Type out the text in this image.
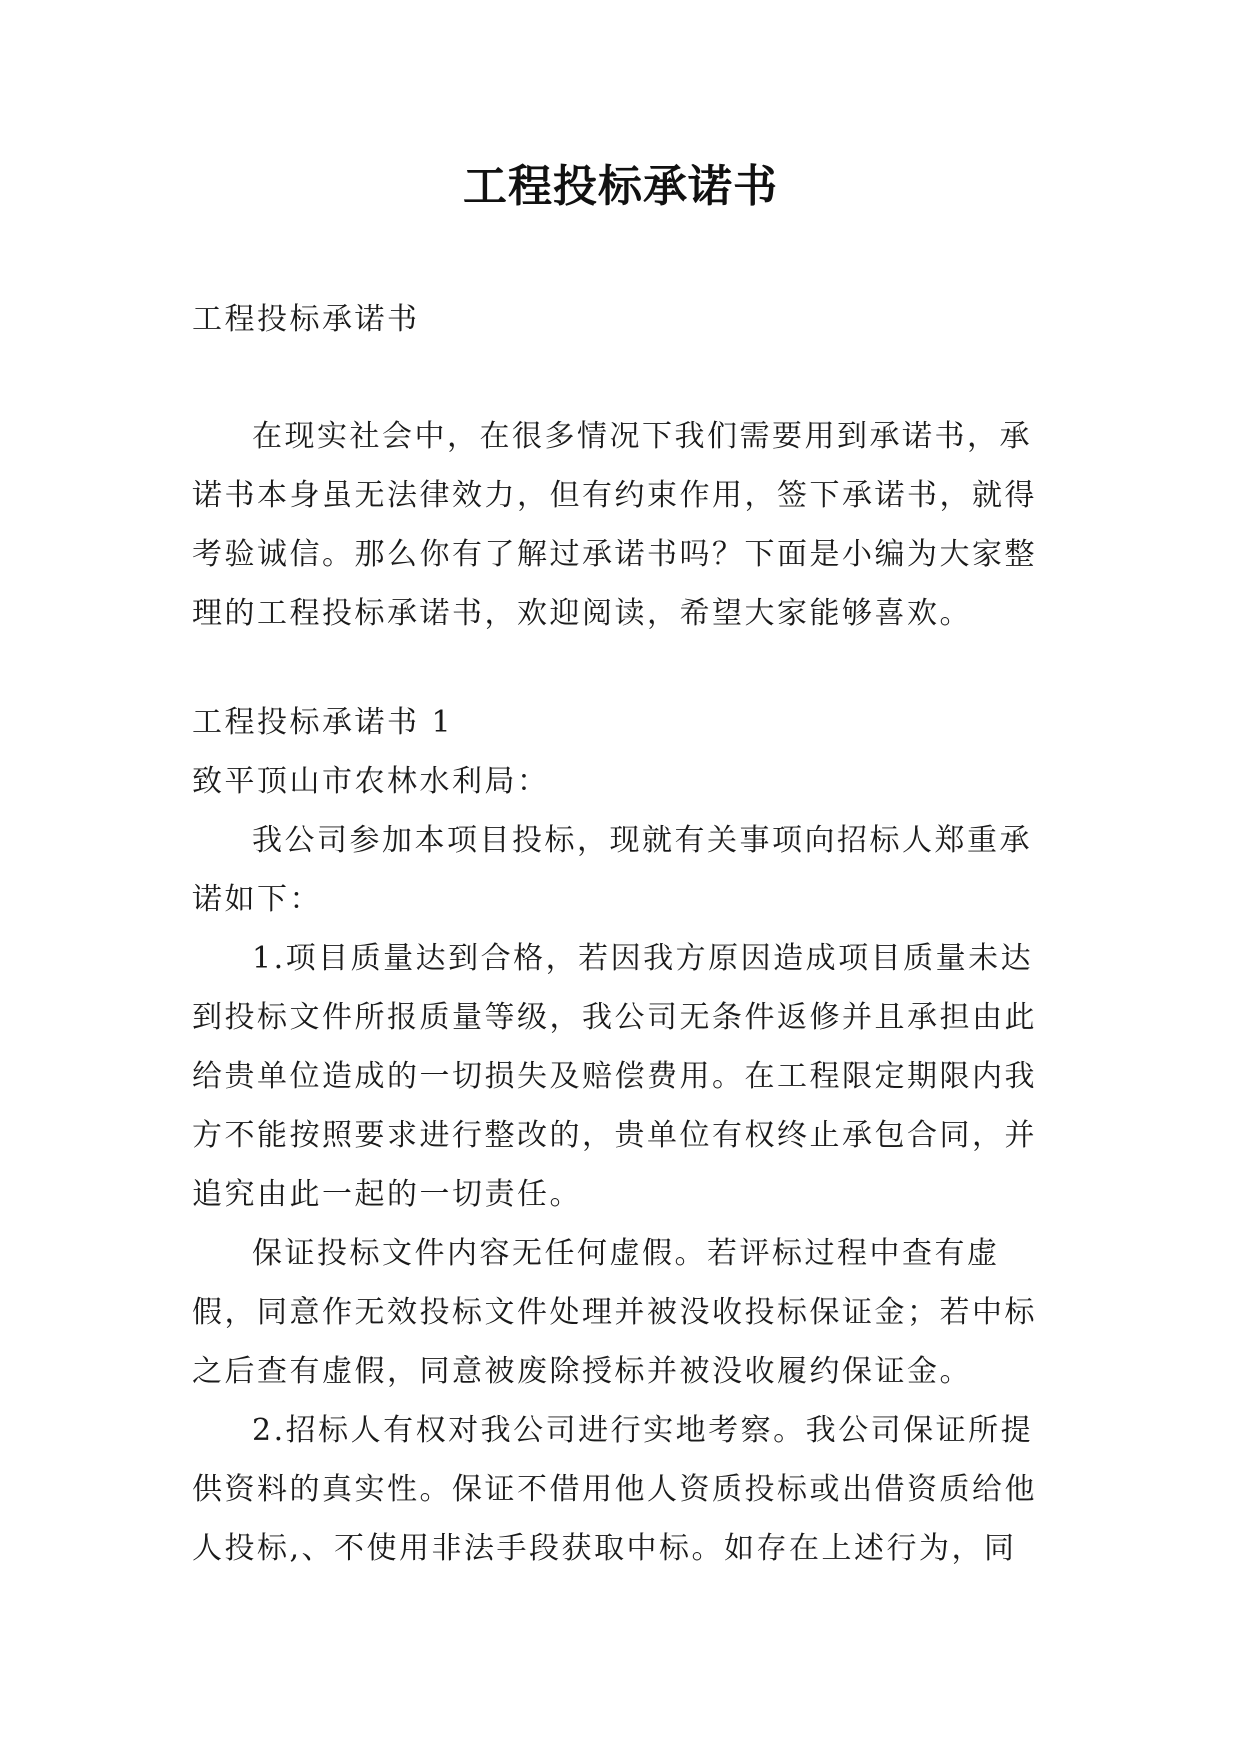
工程投标承诺书

工程投标承诺书

在现实社会中，在很多情况下我们需要用到承诺书，承诺书本身虽无法律效力，但有约束作用，签下承诺书，就得考验诚信。那么你有了解过承诺书吗？下面是小编为大家整理的工程投标承诺书，欢迎阅读，希望大家能够喜欢。

工程投标承诺书 1

致平顶山市农林水利局：

我公司参加本项目投标，现就有关事项向招标人郑重承诺如下：

1.项目质量达到合格，若因我方原因造成项目质量未达到投标文件所报质量等级，我公司无条件返修并且承担由此给贵单位造成的一切损失及赔偿费用。在工程限定期限内我方不能按照要求进行整改的，贵单位有权终止承包合同，并追究由此一起的一切责任。

保证投标文件内容无任何虚假。若评标过程中查有虚假，同意作无效投标文件处理并被没收投标保证金；若中标之后查有虚假，同意被废除授标并被没收履约保证金。

2.招标人有权对我公司进行实地考察。我公司保证所提供资料的真实性。保证不借用他人资质投标或出借资质给他人投标,、不使用非法手段获取中标。如存在上述行为，同
